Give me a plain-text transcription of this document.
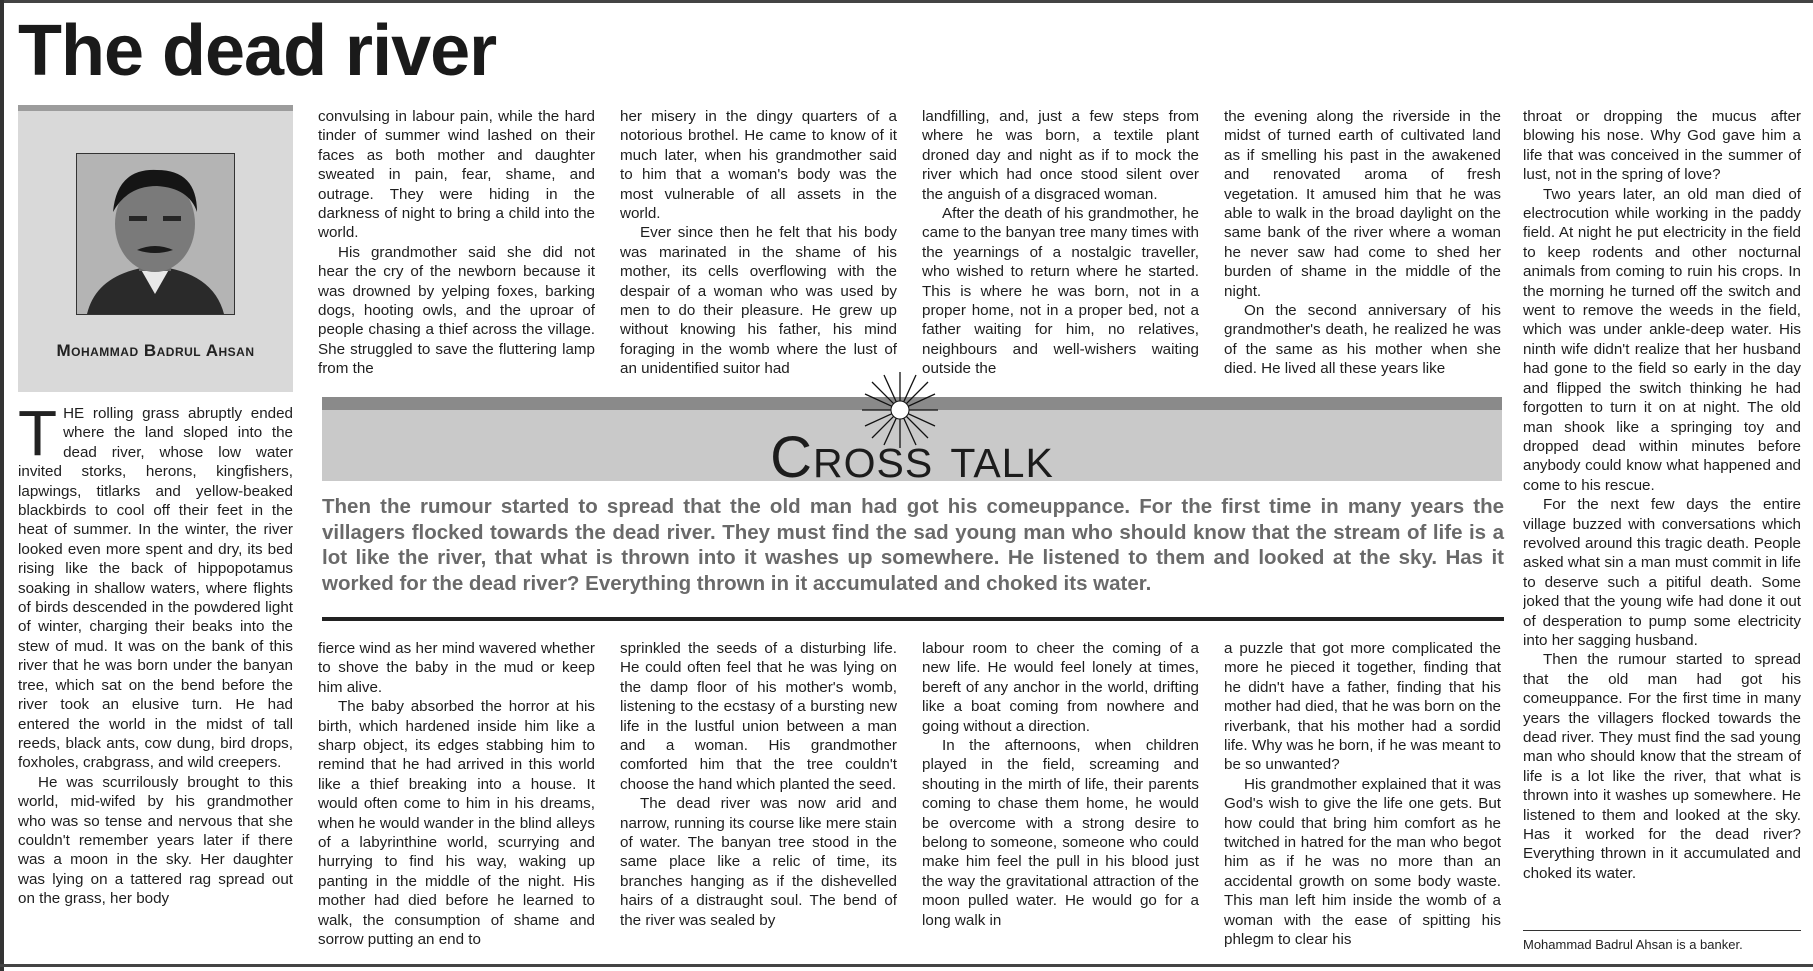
The dead river
Mohammad Badrul Ahsan

THE rolling grass abruptly ended where the land sloped into the dead river, whose low water invited storks, herons, kingfishers, lapwings, titlarks and yellow-beaked blackbirds to cool off their feet in the heat of summer. In the winter, the river looked even more spent and dry, its bed rising like the back of hippopotamus soaking in shallow waters, where flights of birds descended in the powdered light of winter, charging their beaks into the stew of mud. It was on the bank of this river that he was born under the banyan tree, which sat on the bend before the river took an elusive turn. He had entered the world in the midst of tall reeds, black ants, cow dung, bird drops, foxholes, crabgrass, and wild creepers.

He was scurrilously brought to this world, mid-wifed by his grandmother who was so tense and nervous that she couldn't remember years later if there was a moon in the sky. Her daughter was lying on a tattered rag spread out on the grass, her body

convulsing in labour pain, while the hard tinder of summer wind lashed on their faces as both mother and daughter sweated in pain, fear, shame, and outrage. They were hiding in the darkness of night to bring a child into the world.

His grandmother said she did not hear the cry of the newborn because it was drowned by yelping foxes, barking dogs, hooting owls, and the uproar of people chasing a thief across the village. She struggled to save the fluttering lamp from the

her misery in the dingy quarters of a notorious brothel. He came to know of it much later, when his grandmother said to him that a woman's body was the most vulnerable of all assets in the world.

Ever since then he felt that his body was marinated in the shame of his mother, its cells overflowing with the despair of a woman who was used by men to do their pleasure. He grew up without knowing his father, his mind foraging in the womb where the lust of an unidentified suitor had

landfilling, and, just a few steps from where he was born, a textile plant droned day and night as if to mock the river which had once stood silent over the anguish of a disgraced woman.

After the death of his grandmother, he came to the banyan tree many times with the yearnings of a nostalgic traveller, who wished to return where he started. This is where he was born, not in a proper home, not in a proper bed, not a father waiting for him, no relatives, neighbours and well-wishers waiting outside the

the evening along the riverside in the midst of turned earth of cultivated land as if smelling his past in the awakened and renovated aroma of fresh vegetation. It amused him that he was able to walk in the broad daylight on the same bank of the river where a woman he never saw had come to shed her burden of shame in the middle of the night.

On the second anniversary of his grandmother's death, he realized he was of the same as his mother when she died. He lived all these years like

throat or dropping the mucus after blowing his nose. Why God gave him a life that was conceived in the summer of lust, not in the spring of love?

Two years later, an old man died of electrocution while working in the paddy field. At night he put electricity in the field to keep rodents and other nocturnal animals from coming to ruin his crops. In the morning he turned off the switch and went to remove the weeds in the field, which was under ankle-deep water. His ninth wife didn't realize that her husband had gone to the field so early in the day and flipped the switch thinking he had forgotten to turn it on at night. The old man shook like a springing toy and dropped dead within minutes before anybody could know what happened and come to his rescue.

For the next few days the entire village buzzed with conversations which revolved around this tragic death. People asked what sin a man must commit in life to deserve such a pitiful death. Some joked that the young wife had done it out of desperation to pump some electricity into her sagging husband.

Then the rumour started to spread that the old man had got his comeuppance. For the first time in many years the villagers flocked towards the dead river. They must find the sad young man who should know that the stream of life is a lot like the river, that what is thrown into it washes up somewhere. He listened to them and looked at the sky. Has it worked for the dead river? Everything thrown in it accumulated and choked its water.

Cross talk
Then the rumour started to spread that the old man had got his comeuppance. For the first time in many years the villagers flocked towards the dead river. They must find the sad young man who should know that the stream of life is a lot like the river, that what is thrown into it washes up somewhere. He listened to them and looked at the sky. Has it worked for the dead river? Everything thrown in it accumulated and choked its water.

fierce wind as her mind wavered whether to shove the baby in the mud or keep him alive.

The baby absorbed the horror at his birth, which hardened inside him like a sharp object, its edges stabbing him to remind that he had arrived in this world like a thief breaking into a house. It would often come to him in his dreams, when he would wander in the blind alleys of a labyrinthine world, scurrying and hurrying to find his way, waking up panting in the middle of the night. His mother had died before he learned to walk, the consumption of shame and sorrow putting an end to

sprinkled the seeds of a disturbing life. He could often feel that he was lying on the damp floor of his mother's womb, listening to the ecstasy of a bursting new life in the lustful union between a man and a woman. His grandmother comforted him that the tree couldn't choose the hand which planted the seed.

The dead river was now arid and narrow, running its course like mere stain of water. The banyan tree stood in the same place like a relic of time, its branches hanging as if the dishevelled hairs of a distraught soul. The bend of the river was sealed by

labour room to cheer the coming of a new life. He would feel lonely at times, bereft of any anchor in the world, drifting like a boat coming from nowhere and going without a direction.

In the afternoons, when children played in the field, screaming and shouting in the mirth of life, their parents coming to chase them home, he would be overcome with a strong desire to belong to someone, someone who could make him feel the pull in his blood just the way the gravitational attraction of the moon pulled water. He would go for a long walk in

a puzzle that got more complicated the more he pieced it together, finding that he didn't have a father, finding that his mother had died, that he was born on the riverbank, that his mother had a sordid life. Why was he born, if he was meant to be so unwanted?

His grandmother explained that it was God's wish to give the life one gets. But how could that bring him comfort as he twitched in hatred for the man who begot him as if he was no more than an accidental growth on some body waste. This man left him inside the womb of a woman with the ease of spitting his phlegm to clear his	Mohammad Badrul Ahsan is a banker.
